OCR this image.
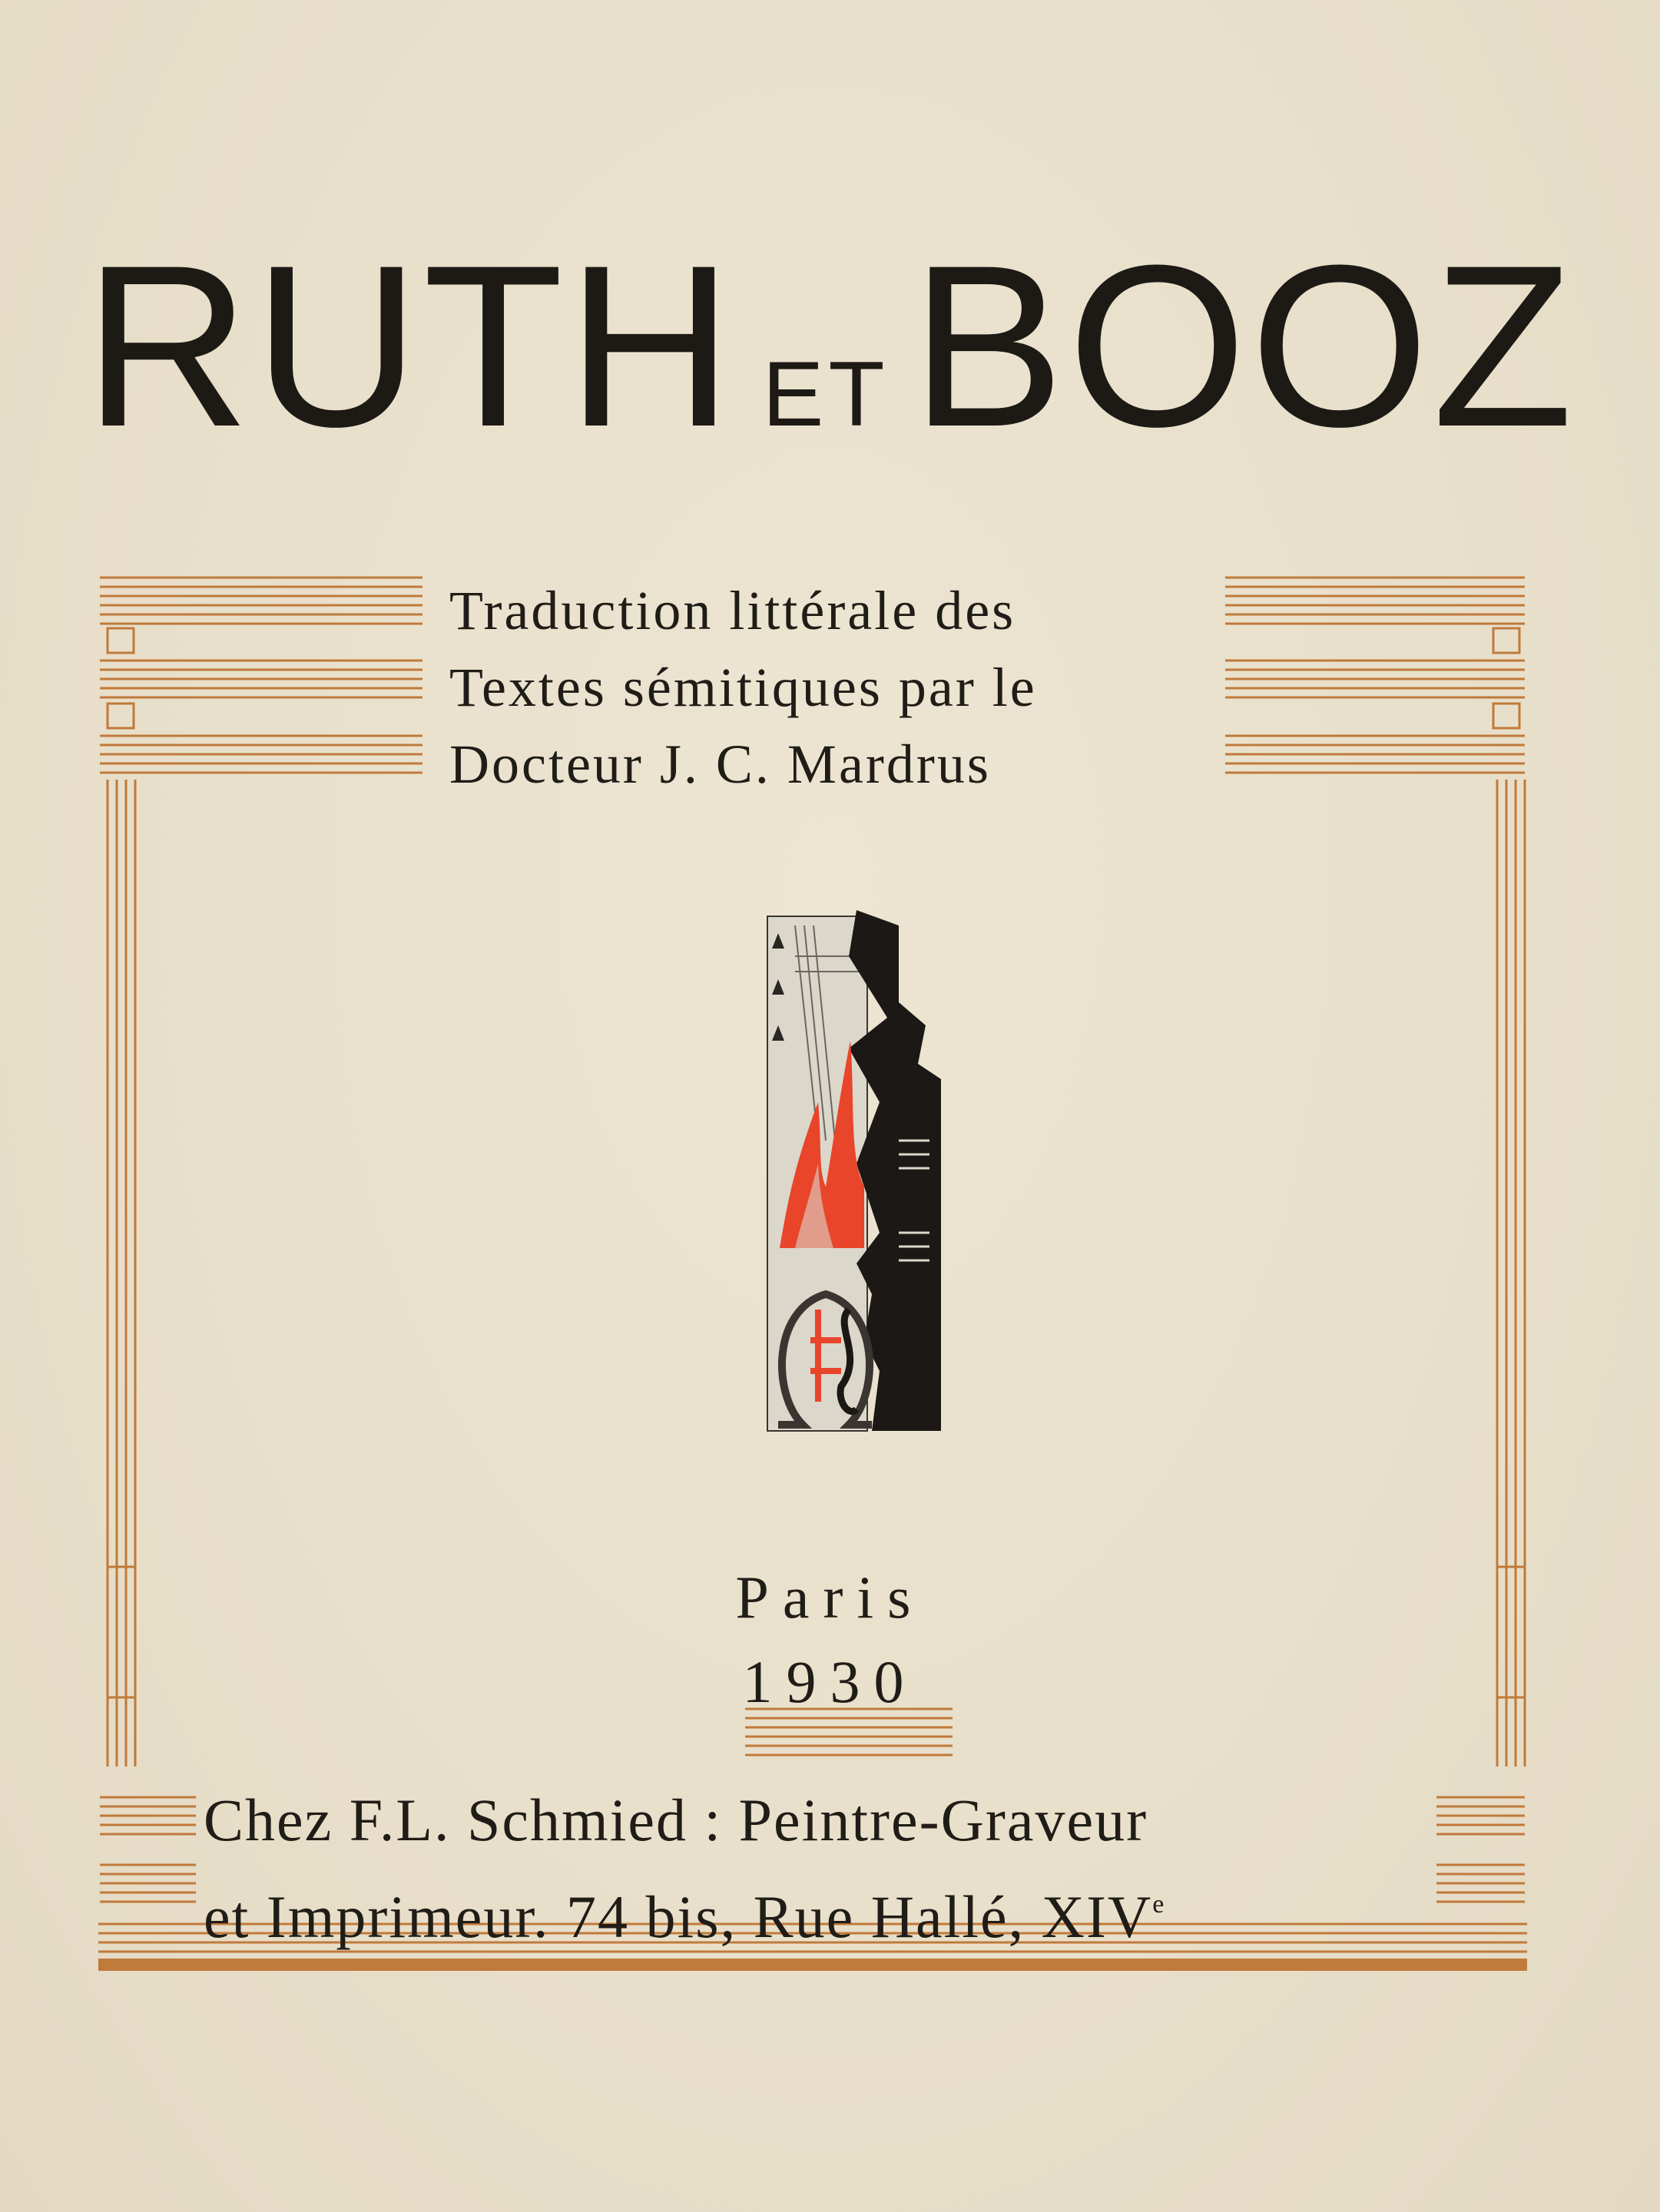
RUTH ETBOOZ
Traduction littérale des
Textes sémitiques par le
Docteur J. C. Mardrus
Paris
1930
Chez F.L. Schmied : Peintre-Graveur
et Imprimeur. 74 bis, Rue Hallé, XIVe
